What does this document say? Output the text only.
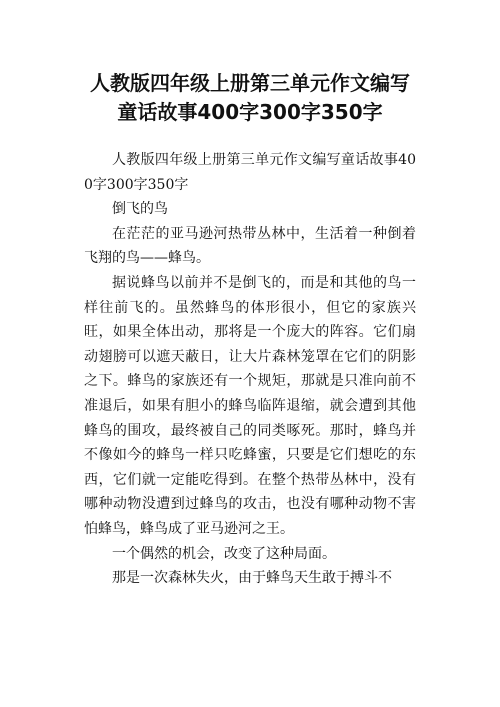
人教版四年级上册第三单元作文编写
童话故事400字300字350字

人教版四年级上册第三单元作文编写童话故事400字300字350字

倒飞的鸟

在茫茫的亚马逊河热带丛林中，生活着一种倒着飞翔的鸟——蜂鸟。

据说蜂鸟以前并不是倒飞的，而是和其他的鸟一样往前飞的。虽然蜂鸟的体形很小，但它的家族兴旺，如果全体出动，那将是一个庞大的阵容。它们扇动翅膀可以遮天蔽日，让大片森林笼罩在它们的阴影之下。蜂鸟的家族还有一个规矩，那就是只准向前不准退后，如果有胆小的蜂鸟临阵退缩，就会遭到其他蜂鸟的围攻，最终被自己的同类啄死。那时，蜂鸟并不像如今的蜂鸟一样只吃蜂蜜，只要是它们想吃的东西，它们就一定能吃得到。在整个热带丛林中，没有哪种动物没遭到过蜂鸟的攻击，也没有哪种动物不害怕蜂鸟，蜂鸟成了亚马逊河之王。

一个偶然的机会，改变了这种局面。

那是一次森林失火，由于蜂鸟天生敢于搏斗不
